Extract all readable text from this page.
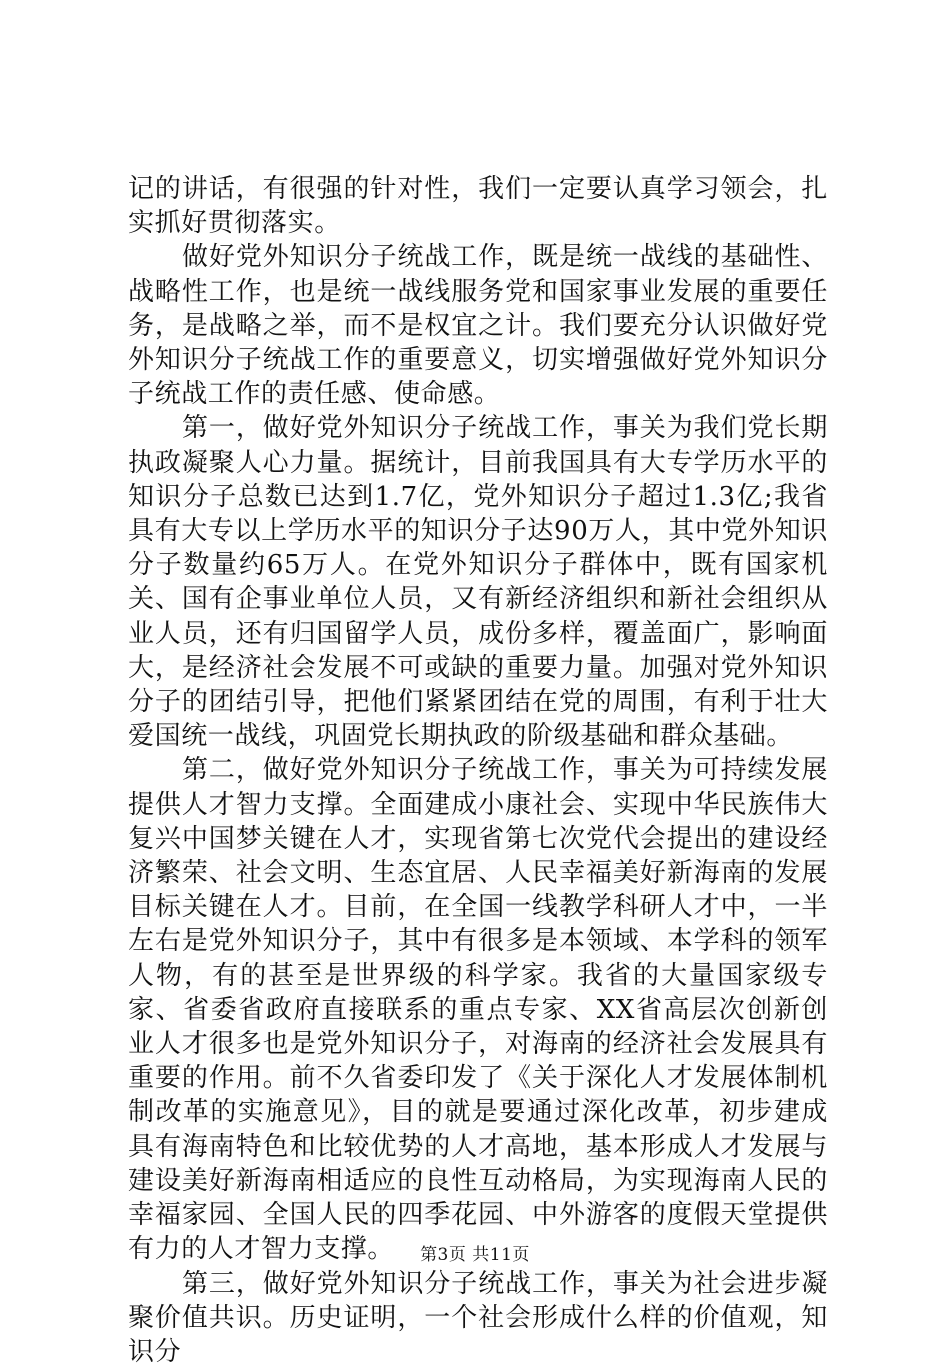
记的讲话，有很强的针对性，我们一定要认真学习领会，扎实抓好贯彻落实。

做好党外知识分子统战工作，既是统一战线的基础性、战略性工作，也是统一战线服务党和国家事业发展的重要任务，是战略之举，而不是权宜之计。我们要充分认识做好党外知识分子统战工作的重要意义，切实增强做好党外知识分子统战工作的责任感、使命感。

第一，做好党外知识分子统战工作，事关为我们党长期执政凝聚人心力量。据统计，目前我国具有大专学历水平的知识分子总数已达到1.7亿，党外知识分子超过1.3亿;我省具有大专以上学历水平的知识分子达90万人，其中党外知识分子数量约65万人。在党外知识分子群体中，既有国家机关、国有企事业单位人员，又有新经济组织和新社会组织从业人员，还有归国留学人员，成份多样，覆盖面广，影响面大，是经济社会发展不可或缺的重要力量。加强对党外知识分子的团结引导，把他们紧紧团结在党的周围，有利于壮大爱国统一战线，巩固党长期执政的阶级基础和群众基础。

第二，做好党外知识分子统战工作，事关为可持续发展提供人才智力支撑。全面建成小康社会、实现中华民族伟大复兴中国梦关键在人才，实现省第七次党代会提出的建设经济繁荣、社会文明、生态宜居、人民幸福美好新海南的发展目标关键在人才。目前，在全国一线教学科研人才中，一半左右是党外知识分子，其中有很多是本领域、本学科的领军人物，有的甚至是世界级的科学家。我省的大量国家级专家、省委省政府直接联系的重点专家、XX省高层次创新创业人才很多也是党外知识分子，对海南的经济社会发展具有重要的作用。前不久省委印发了《关于深化人才发展体制机制改革的实施意见》，目的就是要通过深化改革，初步建成具有海南特色和比较优势的人才高地，基本形成人才发展与建设美好新海南相适应的良性互动格局，为实现海南人民的幸福家园、全国人民的四季花园、中外游客的度假天堂提供有力的人才智力支撑。

第三，做好党外知识分子统战工作，事关为社会进步凝聚价值共识。历史证明，一个社会形成什么样的价值观，知识分

第3页 共11页
